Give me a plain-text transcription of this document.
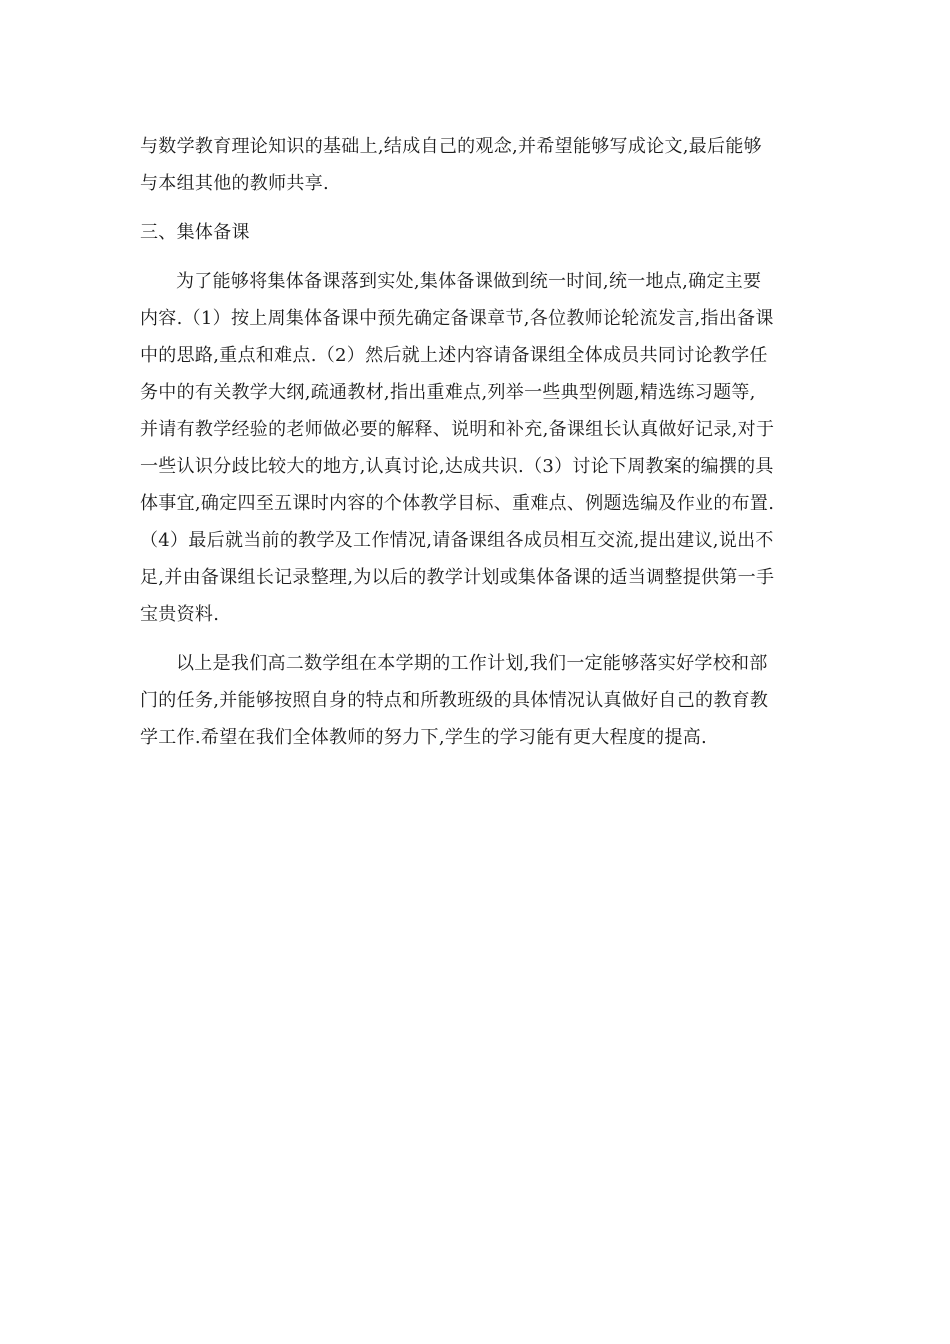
与数学教育理论知识的基础上,结成自己的观念,并希望能够写成论文,最后能够
与本组其他的教师共享.
三、集体备课
为了能够将集体备课落到实处,集体备课做到统一时间,统一地点,确定主要
内容.（1）按上周集体备课中预先确定备课章节,各位教师论轮流发言,指出备课
中的思路,重点和难点.（2）然后就上述内容请备课组全体成员共同讨论教学任
务中的有关教学大纲,疏通教材,指出重难点,列举一些典型例题,精选练习题等,
并请有教学经验的老师做必要的解释、说明和补充,备课组长认真做好记录,对于
一些认识分歧比较大的地方,认真讨论,达成共识.（3）讨论下周教案的编撰的具
体事宜,确定四至五课时内容的个体教学目标、重难点、例题选编及作业的布置.
（4）最后就当前的教学及工作情况,请备课组各成员相互交流,提出建议,说出不
足,并由备课组长记录整理,为以后的教学计划或集体备课的适当调整提供第一手
宝贵资料.
以上是我们高二数学组在本学期的工作计划,我们一定能够落实好学校和部
门的任务,并能够按照自身的特点和所教班级的具体情况认真做好自己的教育教
学工作.希望在我们全体教师的努力下,学生的学习能有更大程度的提高.
